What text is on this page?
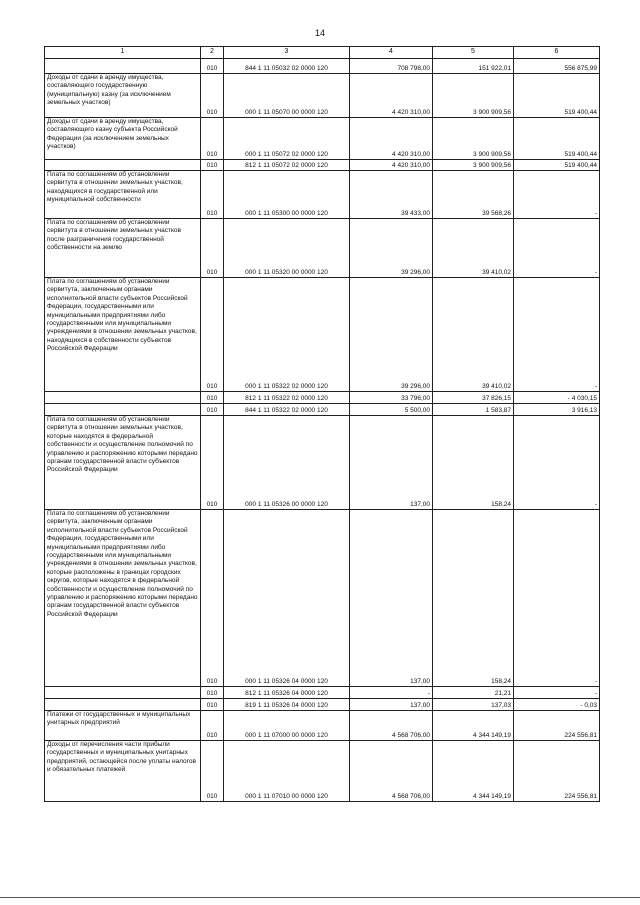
14
1	2	3	4	5	6

	010	844 1 11 05032 02 0000 120	708 798,00	151 922,01	556 875,99

Доходы от сдачи в аренду имущества, составляющего государственную (муниципальную) казну (за исключением земельных участков)	010	000 1 11 05070 00 0000 120	4 420 310,00	3 900 909,56	519 400,44

Доходы от сдачи в аренду имущества, составляющего казну субъекта Российской Федерации (за исключением земельных участков)	010	000 1 11 05072 02 0000 120	4 420 310,00	3 900 909,56	519 400,44

	010	812 1 11 05072 02 0000 120	4 420 310,00	3 900 909,56	519 400,44

Плата по соглашениям об установлении сервитута в отношении земельных участков, находящихся в государственной или муниципальной собственности	010	000 1 11 05300 00 0000 120	39 433,00	39 568,26	-

Плата по соглашениям об установлении сервитута в отношении земельных участков после разграничения государственной собственности на землю	010	000 1 11 05320 00 0000 120	39 296,00	39 410,02	-

Плата по соглашениям об установлении сервитута, заключенным органами исполнительной власти субъектов Российской Федерации, государственными или муниципальными предприятиями либо государственными или муниципальными учреждениями в отношении земельных участков, находящихся в собственности субъектов Российской Федерации	010	000 1 11 05322 02 0000 120	39 296,00	39 410,02	-

	010	812 1 11 05322 02 0000 120	33 796,00	37 826,15	- 4 030,15

	010	844 1 11 05322 02 0000 120	5 500,00	1 583,87	3 916,13

Плата по соглашениям об установлении сервитута в отношении земельных участков, которые находятся в федеральной собственности и осуществление полномочий по управлению и распоряжению которыми передано органам государственной власти субъектов Российской Федерации	010	000 1 11 05326 00 0000 120	137,00	158,24	-

Плата по соглашениям об установлении сервитута, заключенным органами исполнительной власти субъектов Российской Федерации, государственными или муниципальными предприятиями либо государственными или муниципальными учреждениями в отношении земельных участков, которые расположены в границах городских округов, которые находятся в федеральной собственности и осуществление полномочий по управлению и распоряжению которыми передано органам государственной власти субъектов Российской Федерации	010	000 1 11 05326 04 0000 120	137,00	158,24	-

	010	812 1 11 05326 04 0000 120	-	21,21	-

	010	819 1 11 05326 04 0000 120	137,00	137,03	- 0,03

Платежи от государственных и муниципальных унитарных предприятий	010	000 1 11 07000 00 0000 120	4 568 706,00	4 344 149,19	224 556,81

Доходы от перечисления части прибыли государственных и муниципальных унитарных предприятий, остающейся после уплаты налогов и обязательных платежей	010	000 1 11 07010 00 0000 120	4 568 706,00	4 344 149,19	224 556,81
